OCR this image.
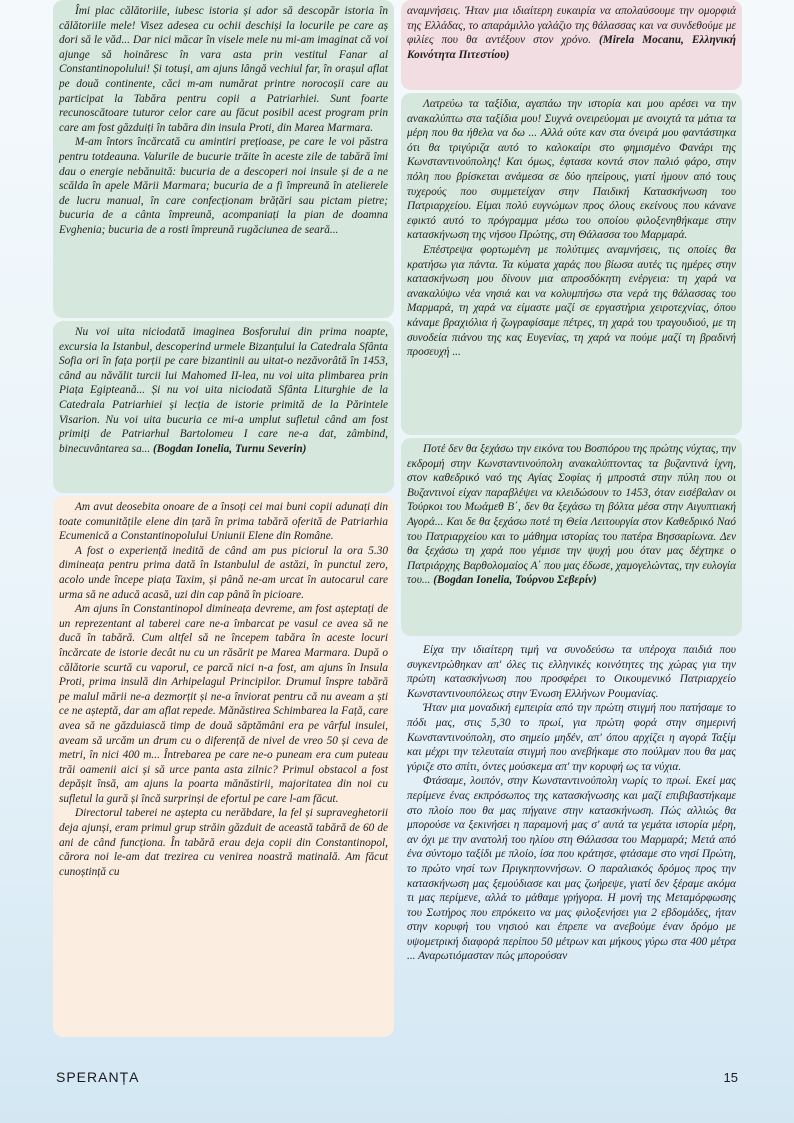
Îmi plac călătoriile, iubesc istoria și ador să descopăr istoria în călătoriile mele! Visez adesea cu ochii deschiși la locurile pe care aș dori să le văd... Dar nici măcar în visele mele nu mi-am imaginat că voi ajunge să hoinăresc în vara asta prin vestitul Fanar al Constantinopolului! Și totuși, am ajuns lângă vechiul far, în orașul aflat pe două continente, căci m-am numărat printre norocoșii care au participat la Tabăra pentru copii a Patriarhiei. Sunt foarte recunoscătoare tuturor celor care au făcut posibil acest program prin care am fost găzduiți în tabăra din insula Proti, din Marea Marmara.

M-am întors încărcată cu amintiri prețioase, pe care le voi păstra pentru totdeauna. Valurile de bucurie trăite în aceste zile de tabără îmi dau o energie nebănuită: bucuria de a descoperi noi insule și de a ne scălda în apele Mării Marmara; bucuria de a fi împreună în atelierele de lucru manual, în care confecționam brățări sau pictam pietre; bucuria de a cânta împreună, acompaniați la pian de doamna Evghenia; bucuria de a rosti împreună rugăciunea de seară...

Nu voi uita niciodată imaginea Bosforului din prima noapte, excursia la Istanbul, descoperind urmele Bizanțului la Catedrala Sfânta Sofia ori în fața porții pe care bizantinii au uitat-o nezăvorâtă în 1453, când au năvălit turcii lui Mahomed II-lea, nu voi uita plimbarea prin Piața Egipteană... Și nu voi uita niciodată Sfânta Liturghie de la Catedrala Patriarhiei și lecția de istorie primită de la Părintele Visarion. Nu voi uita bucuria ce mi-a umplut sufletul când am fost primiți de Patriarhul Bartolomeu I care ne-a dat, zâmbind, binecuvântarea sa... (Bogdan Ionelia, Turnu Severin)

Am avut deosebita onoare de a însoți cei mai buni copii adunați din toate comunitățile elene din țară în prima tabără oferită de Patriarhia Ecumenică a Constantinopolului Uniunii Elene din Române.

A fost o experiență inedită de când am pus piciorul la ora 5.30 dimineața pentru prima dată în Istanbulul de astăzi, în punctul zero, acolo unde începe piața Taxim, și până ne-am urcat în autocarul care urma să ne aducă acasă, uzi din cap până în picioare.

Am ajuns în Constantinopol dimineața devreme, am fost așteptați de un reprezentant al taberei care ne-a îmbarcat pe vasul ce avea să ne ducă în tabără. Cum altfel să ne începem tabăra în aceste locuri încărcate de istorie decât nu cu un răsărit pe Marea Marmara. După o călătorie scurtă cu vaporul, ce parcă nici n-a fost, am ajuns în Insula Proti, prima insulă din Arhipelagul Principilor. Drumul înspre tabără pe malul mării ne-a dezmorțit și ne-a înviorat pentru că nu aveam a ști ce ne așteptă, dar am aflat repede. Mănăstirea Schimbarea la Față, care avea să ne găzduiască timp de două săptămâni era pe vârful insulei, aveam să urcăm un drum cu o diferență de nivel de vreo 50 și ceva de metri, în nici 400 m... Întrebarea pe care ne-o puneam era cum puteau trăi oamenii aici și să urce panta asta zilnic? Primul obstacol a fost depășit însă, am ajuns la poarta mănăstirii, majoritatea din noi cu sufletul la gură și încă surprinși de efortul pe care l-am făcut.

Directorul taberei ne aștepta cu nerăbdare, la fel și supraveghetorii deja ajunși, eram primul grup străin găzduit de această tabără de 60 de ani de când funcționa. În tabără erau deja copii din Constantinopol, cărora noi le-am dat trezirea cu venirea noastră matinală. Am făcut cunoștință cu

αναμνήσεις. Ήταν μια ιδιαίτερη ευκαιρία να απολαύσουμε την ομορφιά της Ελλάδας, το απαράμιλλο γαλάζιο της θάλασσας και να συνδεθούμε με φιλίες που θα αντέξουν στον χρόνο. (Mirela Mocanu, Ελληνική Κοινότητα Πιτεστίου)

Λατρεύω τα ταξίδια, αγαπάω την ιστορία και μου αρέσει να την ανακαλύπτω στα ταξίδια μου! Συχνά ονειρεύομαι με ανοιχτά τα μάτια τα μέρη που θα ήθελα να δω ... Αλλά ούτε καν στα όνειρά μου φαντάστηκα ότι θα τριγύριζα αυτό το καλοκαίρι στο φημισμένο Φανάρι της Κωνσταντινούπολης! Και όμως, έφτασα κοντά στον παλιό φάρο, στην πόλη που βρίσκεται ανάμεσα σε δύο ηπείρους, γιατί ήμουν από τους τυχερούς που συμμετείχαν στην Παιδική Κατασκήνωση του Πατριαρχείου. Είμαι πολύ ευγνώμων προς όλους εκείνους που κάνανε εφικτό αυτό το πρόγραμμα μέσω του οποίου φιλοξενηθήκαμε στην κατασκήνωση της νήσου Πρώτης, στη Θάλασσα του Μαρμαρά.

Επέστρεψα φορτωμένη με πολύτιμες αναμνήσεις, τις οποίες θα κρατήσω για πάντα. Τα κύματα χαράς που βίωσα αυτές τις ημέρες στην κατασκήνωση μου δίνουν μια απροσδόκητη ενέργεια: τη χαρά να ανακαλύψω νέα νησιά και να κολυμπήσω στα νερά της θάλασσας του Μαρμαρά, τη χαρά να είμαστε μαζί σε εργαστήρια χειροτεχνίας, όπου κάναμε βραχιόλια ή ζωγραφίσαμε πέτρες, τη χαρά του τραγουδιού, με τη συνοδεία πιάνου της κας Ευγενίας, τη χαρά να πούμε μαζί τη βραδινή προσευχή ...

Ποτέ δεν θα ξεχάσω την εικόνα του Βοσπόρου της πρώτης νύχτας, την εκδρομή στην Κωνσταντινούπολη ανακαλύπτοντας τα βυζαντινά ίχνη, στον καθεδρικό ναό της Αγίας Σοφίας ή μπροστά στην πύλη που οι Βυζαντινοί είχαν παραβλέψει να κλειδώσουν το 1453, όταν εισέβαλαν οι Τούρκοι του Μωάμεθ Β΄, δεν θα ξεχάσω τη βόλτα μέσα στην Αιγυπτιακή Αγορά... Και δε θα ξεχάσω ποτέ τη Θεία Λειτουργία στον Καθεδρικό Ναό του Πατριαρχείου και το μάθημα ιστορίας του πατέρα Βησσαρίωνα. Δεν θα ξεχάσω τη χαρά που γέμισε την ψυχή μου όταν μας δέχτηκε ο Πατριάρχης Βαρθολομαίος Α΄ που μας έδωσε, χαμογελώντας, την ευλογία του... (Bogdan Ionelia, Τούρνου Σεβερίν)

Είχα την ιδιαίτερη τιμή να συνοδεύσω τα υπέροχα παιδιά που συγκεντρώθηκαν απ' όλες τις ελληνικές κοινότητες της χώρας για την πρώτη κατασκήνωση που προσφέρει το Οικουμενικό Πατριαρχείο Κωνσταντινουπόλεως στην Ένωση Ελλήνων Ρουμανίας.

Ήταν μια μοναδική εμπειρία από την πρώτη στιγμή που πατήσαμε το πόδι μας, στις 5,30 το πρωί, για πρώτη φορά στην σημερινή Κωνσταντινούπολη, στο σημείο μηδέν, απ' όπου αρχίζει η αγορά Ταξίμ και μέχρι την τελευταία στιγμή που ανεβήκαμε στο πούλμαν που θα μας γύριζε στο σπίτι, όντες μούσκεμα απ' την κορυφή ως τα νύχια.

Φτάσαμε, λοιπόν, στην Κωνσταντινούπολη νωρίς το πρωί. Εκεί μας περίμενε ένας εκπρόσωπος της κατασκήνωσης και μαζί επιβιβαστήκαμε στο πλοίο που θα μας πήγαινε στην κατασκήνωση. Πώς αλλιώς θα μπορούσε να ξεκινήσει η παραμονή μας σ' αυτά τα γεμάτα ιστορία μέρη, αν όχι με την ανατολή του ηλίου στη Θάλασσα του Μαρμαρά; Μετά από ένα σύντομο ταξίδι με πλοίο, ίσα που κράτησε, φτάσαμε στο νησί Πρώτη, το πρώτο νησί των Πριγκηποννήσων. Ο παραλιακός δρόμος προς την κατασκήνωση μας ξεμούδιασε και μας ζωήρεψε, γιατί δεν ξέραμε ακόμα τι μας περίμενε, αλλά το μάθαμε γρήγορα. Η μονή της Μεταμόρφωσης του Σωτήρος που επρόκειτο να μας φιλοξενήσει για 2 εβδομάδες, ήταν στην κορυφή του νησιού και έπρεπε να ανεβούμε έναν δρόμο με υψομετρική διαφορά περίπου 50 μέτρων και μήκους γύρω στα 400 μέτρα ... Αναρωτιόμασταν πώς μπορούσαν

SPERANȚA	15
